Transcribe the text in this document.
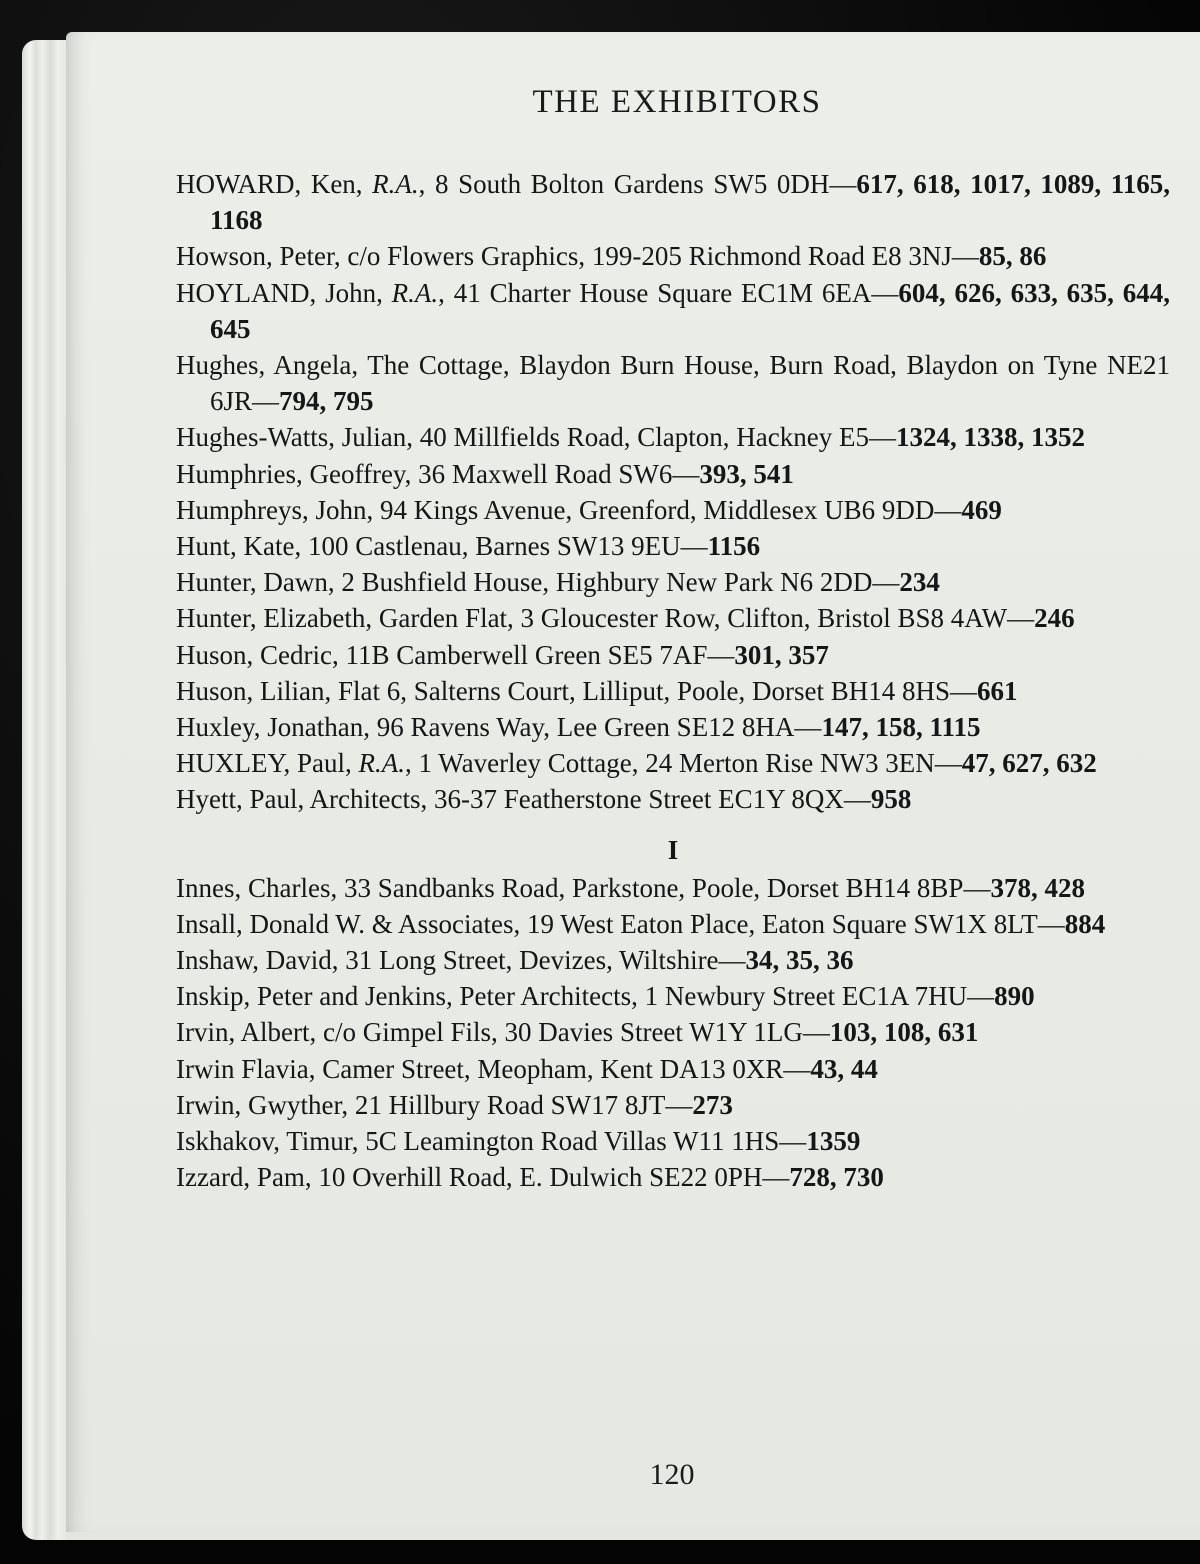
THE EXHIBITORS
HOWARD, Ken, R.A., 8 South Bolton Gardens SW5 0DH—617, 618, 1017, 1089, 1165, 1168
Howson, Peter, c/o Flowers Graphics, 199-205 Richmond Road E8 3NJ—85, 86
HOYLAND, John, R.A., 41 Charter House Square EC1M 6EA—604, 626, 633, 635, 644, 645
Hughes, Angela, The Cottage, Blaydon Burn House, Burn Road, Blaydon on Tyne NE21 6JR—794, 795
Hughes-Watts, Julian, 40 Millfields Road, Clapton, Hackney E5—1324, 1338, 1352
Humphries, Geoffrey, 36 Maxwell Road SW6—393, 541
Humphreys, John, 94 Kings Avenue, Greenford, Middlesex UB6 9DD—469
Hunt, Kate, 100 Castlenau, Barnes SW13 9EU—1156
Hunter, Dawn, 2 Bushfield House, Highbury New Park N6 2DD—234
Hunter, Elizabeth, Garden Flat, 3 Gloucester Row, Clifton, Bristol BS8 4AW—246
Huson, Cedric, 11B Camberwell Green SE5 7AF—301, 357
Huson, Lilian, Flat 6, Salterns Court, Lilliput, Poole, Dorset BH14 8HS—661
Huxley, Jonathan, 96 Ravens Way, Lee Green SE12 8HA—147, 158, 1115
HUXLEY, Paul, R.A., 1 Waverley Cottage, 24 Merton Rise NW3 3EN—47, 627, 632
Hyett, Paul, Architects, 36-37 Featherstone Street EC1Y 8QX—958
I
Innes, Charles, 33 Sandbanks Road, Parkstone, Poole, Dorset BH14 8BP—378, 428
Insall, Donald W. & Associates, 19 West Eaton Place, Eaton Square SW1X 8LT—884
Inshaw, David, 31 Long Street, Devizes, Wiltshire—34, 35, 36
Inskip, Peter and Jenkins, Peter Architects, 1 Newbury Street EC1A 7HU—890
Irvin, Albert, c/o Gimpel Fils, 30 Davies Street W1Y 1LG—103, 108, 631
Irwin Flavia, Camer Street, Meopham, Kent DA13 0XR—43, 44
Irwin, Gwyther, 21 Hillbury Road SW17 8JT—273
Iskhakov, Timur, 5C Leamington Road Villas W11 1HS—1359
Izzard, Pam, 10 Overhill Road, E. Dulwich SE22 0PH—728, 730
120
